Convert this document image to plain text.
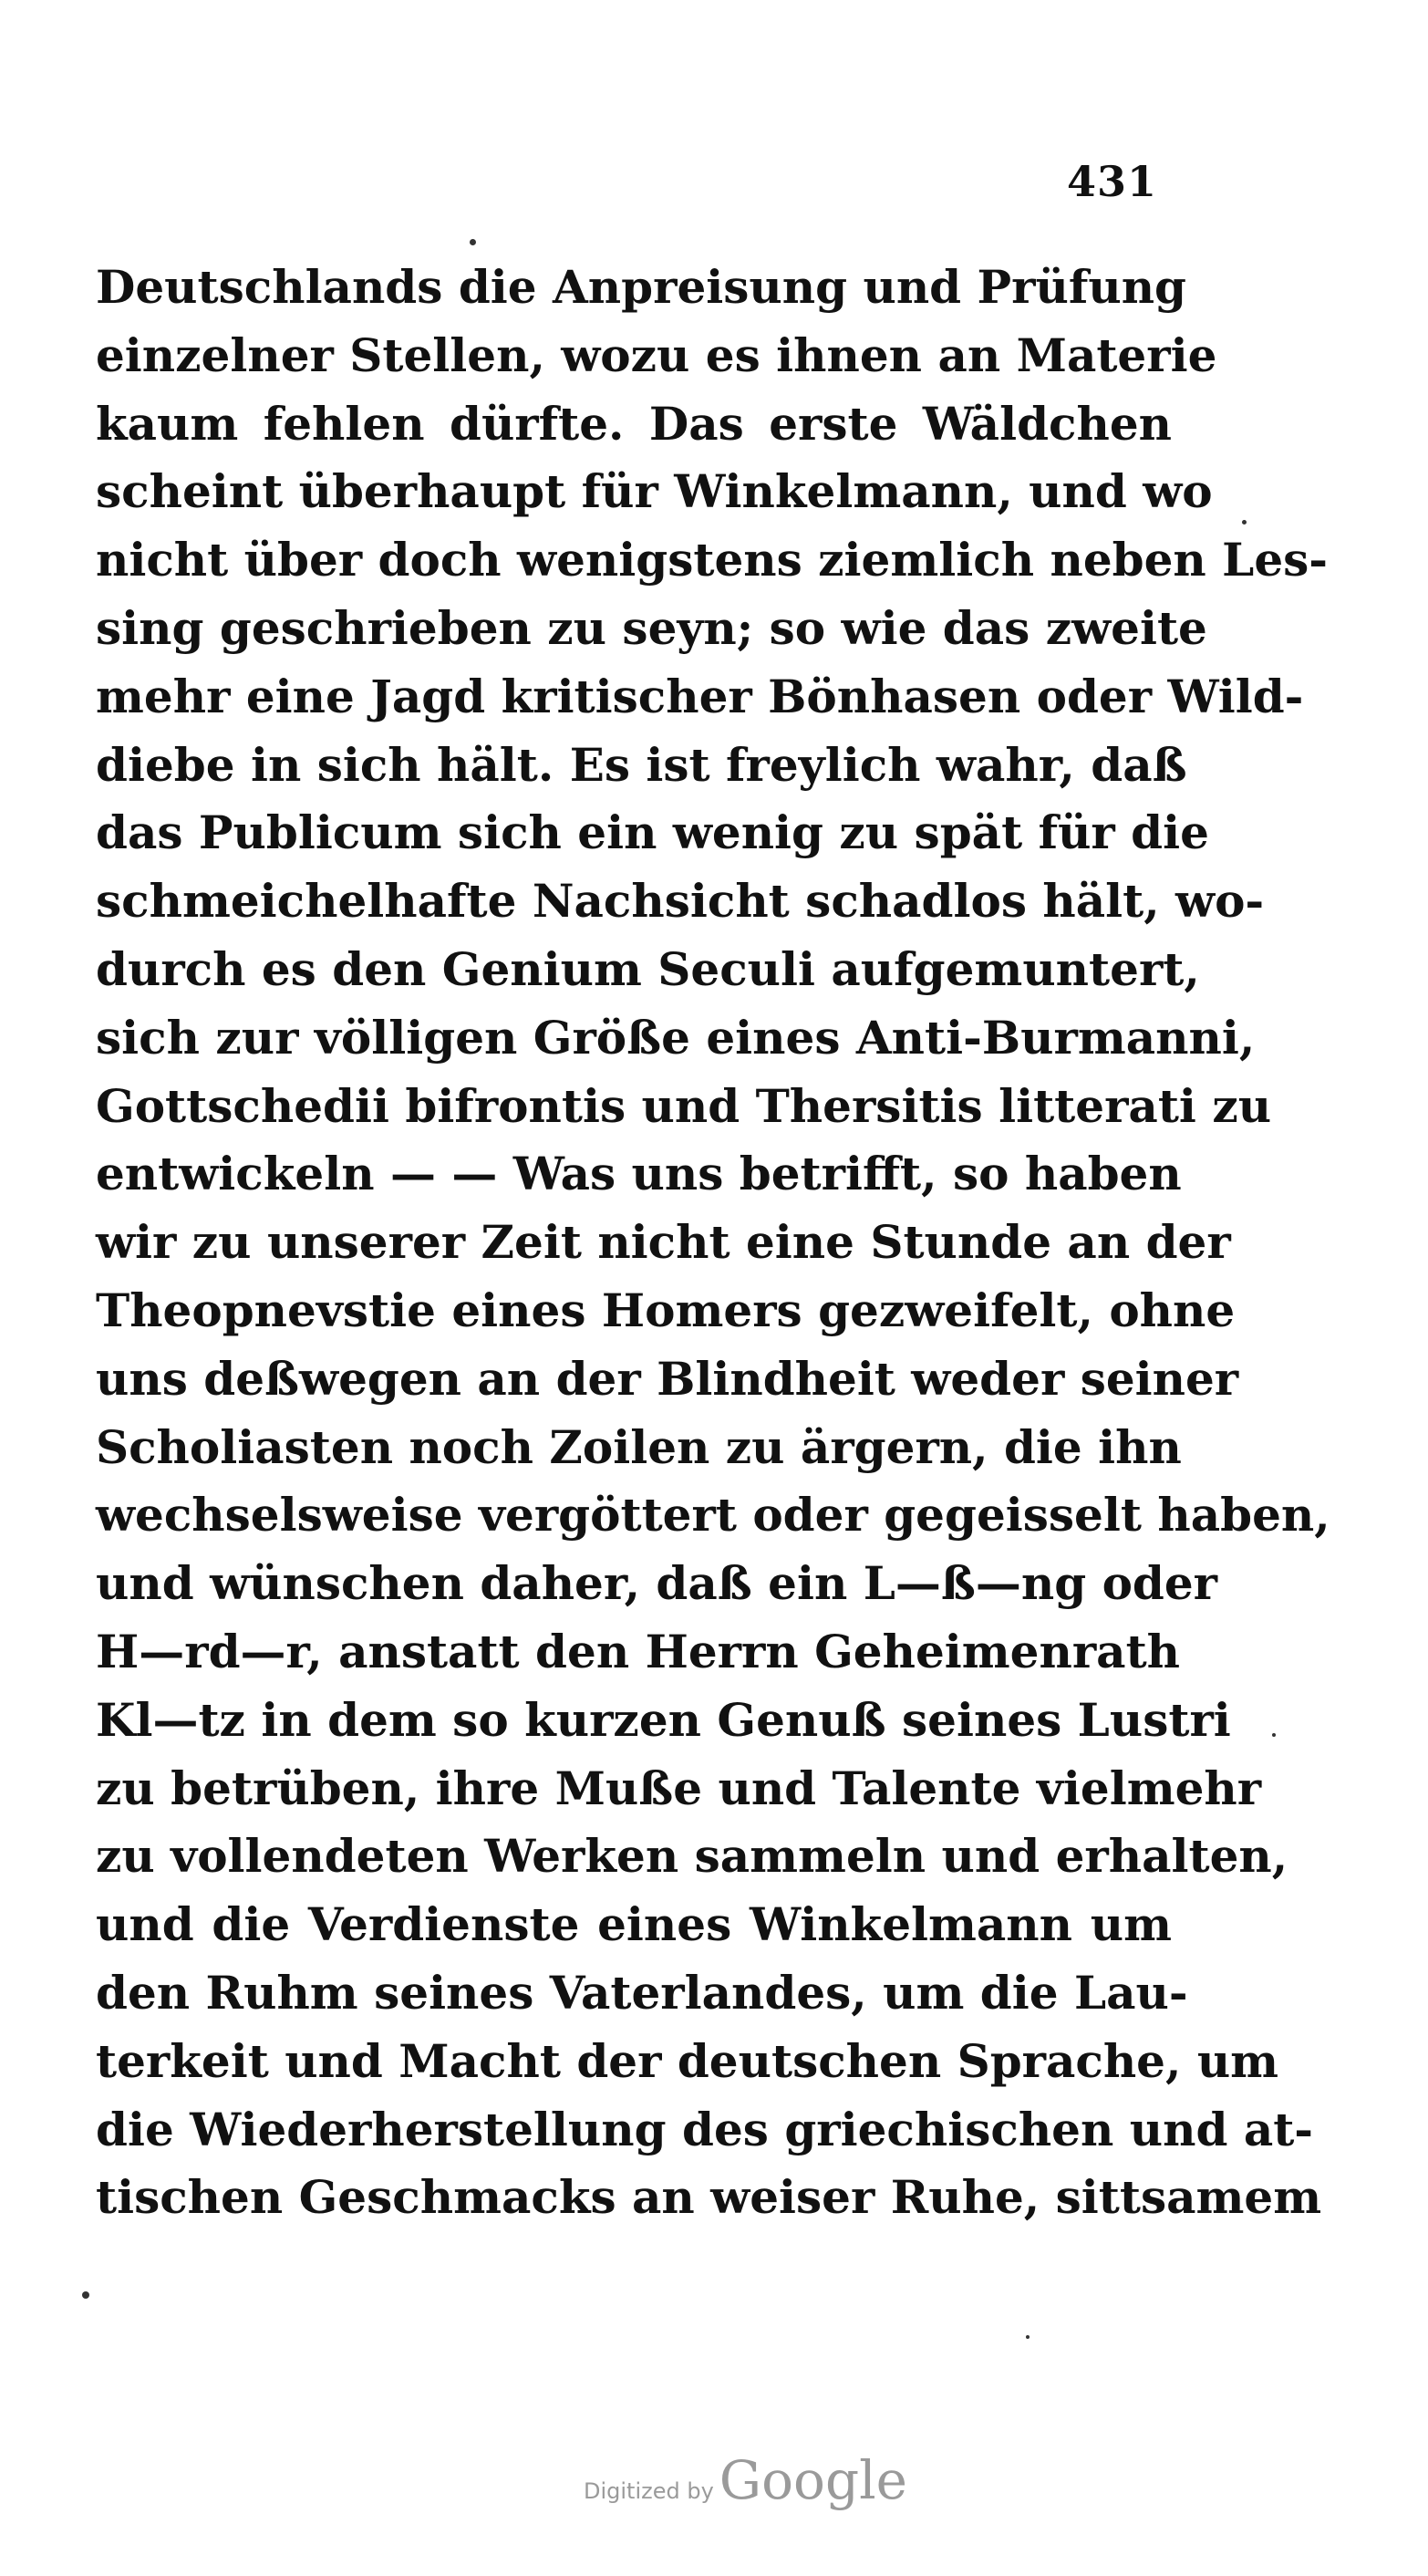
431
Deutschlands die Anpreisung und Prüfung
einzelner Stellen, wozu es ihnen an Materie
kaum fehlen dürfte. Das erste Wäldchen
scheint überhaupt für Winkelmann, und wo
nicht über doch wenigstens ziemlich neben Les-
sing geschrieben zu seyn; so wie das zweite
mehr eine Jagd kritischer Bönhasen oder Wild-
diebe in sich hält. Es ist freylich wahr, daß
das Publicum sich ein wenig zu spät für die
schmeichelhafte Nachsicht schadlos hält, wo-
durch es den Genium Seculi aufgemuntert,
sich zur völligen Größe eines Anti-Burmanni,
Gottschedii bifrontis und Thersitis litterati zu
entwickeln — — Was uns betrifft, so haben
wir zu unserer Zeit nicht eine Stunde an der
Theopnevstie eines Homers gezweifelt, ohne
uns deßwegen an der Blindheit weder seiner
Scholiasten noch Zoilen zu ärgern, die ihn
wechselsweise vergöttert oder gegeisselt haben,
und wünschen daher, daß ein L—ß—ng oder
H—rd—r, anstatt den Herrn Geheimenrath
Kl—tz in dem so kurzen Genuß seines Lustri
zu betrüben, ihre Muße und Talente vielmehr
zu vollendeten Werken sammeln und erhalten,
und die Verdienste eines Winkelmann um
den Ruhm seines Vaterlandes, um die Lau-
terkeit und Macht der deutschen Sprache, um
die Wiederherstellung des griechischen und at-
tischen Geschmacks an weiser Ruhe, sittsamem
Digitized by Google
